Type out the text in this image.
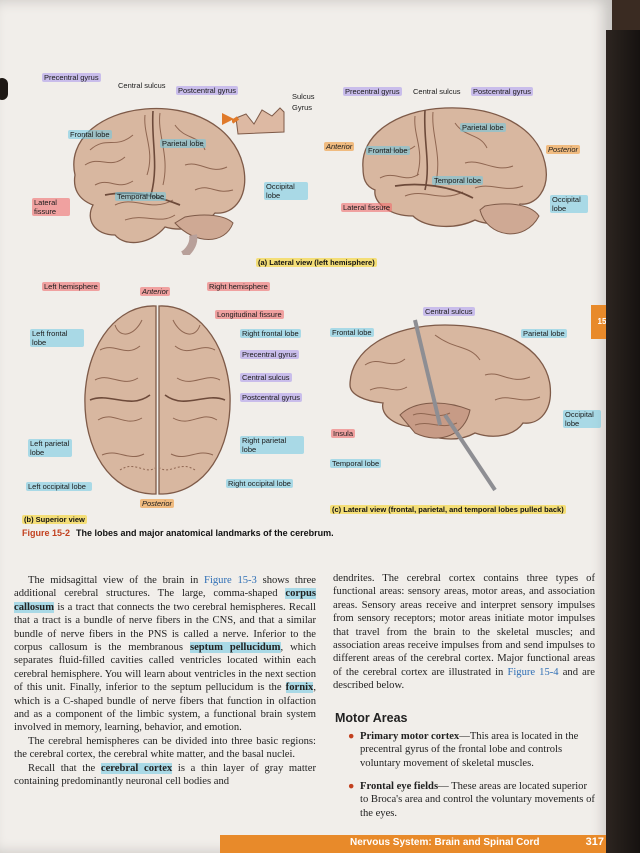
Precentral gyrus
Central sulcus
Postcentral gyrus
Sulcus
Gyrus
Frontal lobe
Parietal lobe
Occipital lobe
Temporal lobe
Lateral fissure
Precentral gyrus Central sulcus Postcentral gyrus
Anterior Frontal lobe
Parietal lobe
Posterior
Temporal lobe
Occipital lobe
Lateral fissure
(a) Lateral view (left hemisphere)
Left hemisphere
Anterior
Right hemisphere
Longitudinal fissure
Left frontal lobe
Right frontal lobe
Precentral gyrus
Central sulcus
Postcentral gyrus
Left parietal lobe
Right parietal lobe
Left occipital lobe	Right occipital lobe
Posterior
(b) Superior view
Central sulcus
Frontal lobe	Parietal lobe
Occipital lobe
Insula
Temporal lobe
(c) Lateral view (frontal, parietal, and temporal lobes pulled back)
15
Figure 15-2 The lobes and major anatomical landmarks of the cerebrum.

The midsagittal view of the brain in Figure 15-3 shows three additional cerebral structures. The large, comma-shaped corpus callosum is a tract that connects the two cerebral hemispheres. Recall that a tract is a bundle of nerve fibers in the CNS, and that a similar bundle of nerve fibers in the PNS is called a nerve. Inferior to the corpus callosum is the membranous septum pellucidum, which separates fluid-filled cavities called ventricles located within each cerebral hemisphere. You will learn about ventricles in the next section of this unit. Finally, inferior to the septum pellucidum is the fornix, which is a C-shaped bundle of nerve fibers that function in olfaction and as a component of the limbic system, a functional brain system involved in memory, learning, behavior, and emotion.

The cerebral hemispheres can be divided into three basic regions: the cerebral cortex, the cerebral white matter, and the basal nuclei.

Recall that the cerebral cortex is a thin layer of gray matter containing predominantly neuronal cell bodies and

dendrites. The cerebral cortex contains three types of functional areas: sensory areas, motor areas, and association areas. Sensory areas receive and interpret sensory impulses from sensory receptors; motor areas initiate motor impulses that travel from the brain to the skeletal muscles; and association areas receive impulses from and send impulses to different areas of the cerebral cortex. Major functional areas of the cerebral cortex are illustrated in Figure 15-4 and are described below.

Motor Areas
● Primary motor cortex—This area is located in the precentral gyrus of the frontal lobe and controls voluntary movement of skeletal muscles.
● Frontal eye fields— These areas are located superior to Broca's area and control the voluntary movements of the eyes.
Nervous System: Brain and Spinal Cord	317
